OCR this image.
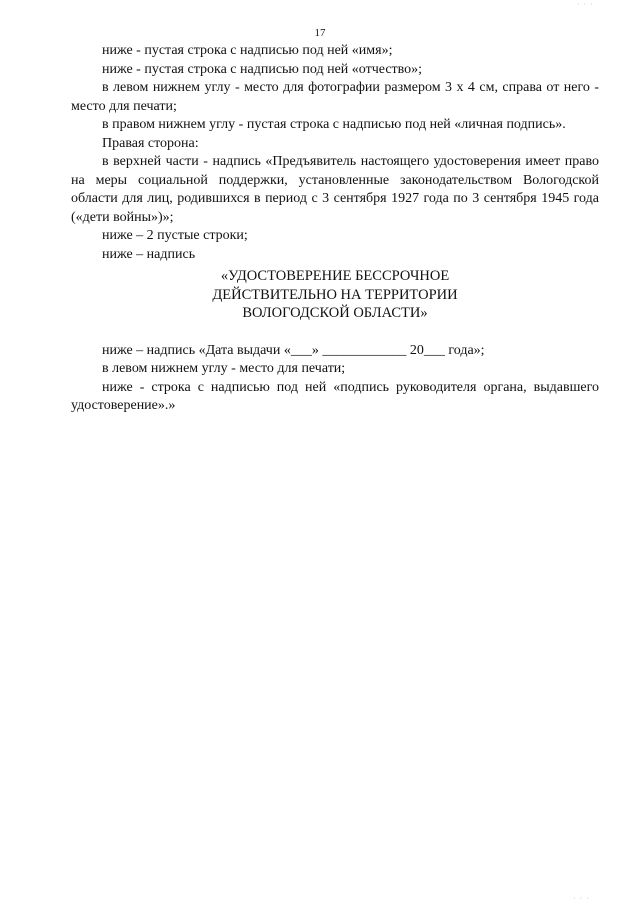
· · ·
17

ниже - пустая строка с надписью под ней «имя»;

ниже - пустая строка с надписью под ней «отчество»;

в левом нижнем углу - место для фотографии размером 3 х 4 см, справа от него - место для печати;

в правом нижнем углу - пустая строка с надписью под ней «личная подпись».

Правая сторона:

в верхней части - надпись «Предъявитель настоящего удостоверения имеет право на меры социальной поддержки, установленные законодательством Вологодской области для лиц, родившихся в период с 3 сентября 1927 года по 3 сентября 1945 года («дети войны»)»;

ниже – 2 пустые строки;

ниже – надпись

«УДОСТОВЕРЕНИЕ БЕССРОЧНОЕ
ДЕЙСТВИТЕЛЬНО НА ТЕРРИТОРИИ
ВОЛОГОДСКОЙ ОБЛАСТИ»

ниже – надпись «Дата выдачи «___» ____________ 20___ года»;

в левом нижнем углу - место для печати;

ниже - строка с надписью под ней «подпись руководителя органа, выдавшего удостоверение».»

· · ·
